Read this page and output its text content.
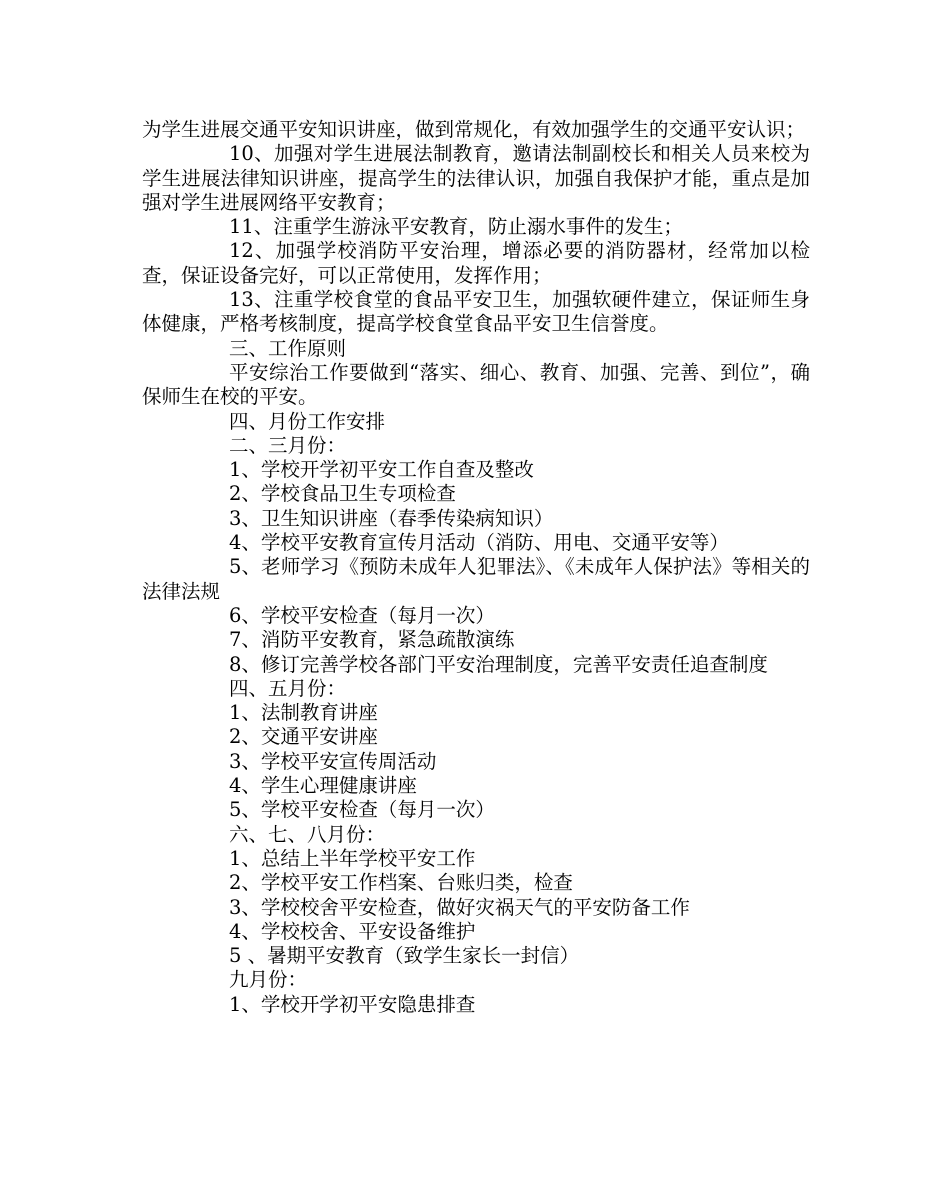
为学生进展交通平安知识讲座，做到常规化，有效加强学生的交通平安认识；

10、加强对学生进展法制教育，邀请法制副校长和相关人员来校为学生进展法律知识讲座，提高学生的法律认识，加强自我保护才能，重点是加强对学生进展网络平安教育；

11、注重学生游泳平安教育，防止溺水事件的发生；

12、加强学校消防平安治理，增添必要的消防器材，经常加以检查，保证设备完好，可以正常使用，发挥作用；

13、注重学校食堂的食品平安卫生，加强软硬件建立，保证师生身体健康，严格考核制度，提高学校食堂食品平安卫生信誉度。

三、工作原则

平安综治工作要做到“落实、细心、教育、加强、完善、到位”，确保师生在校的平安。

四、月份工作安排

二、三月份：

1、学校开学初平安工作自查及整改

2、学校食品卫生专项检查

3、卫生知识讲座（春季传染病知识）

4、学校平安教育宣传月活动（消防、用电、交通平安等）

5、老师学习《预防未成年人犯罪法》、《未成年人保护法》等相关的法律法规

6、学校平安检查（每月一次）

7、消防平安教育，紧急疏散演练

8、修订完善学校各部门平安治理制度，完善平安责任追查制度

四、五月份：

1、法制教育讲座

2、交通平安讲座

3、学校平安宣传周活动

4、学生心理健康讲座

5、学校平安检查（每月一次）

六、七、八月份：

1、总结上半年学校平安工作

2、学校平安工作档案、台账归类，检查

3、学校校舍平安检查，做好灾祸天气的平安防备工作

4、学校校舍、平安设备维护

5 、暑期平安教育（致学生家长一封信）

九月份：

1、学校开学初平安隐患排查
